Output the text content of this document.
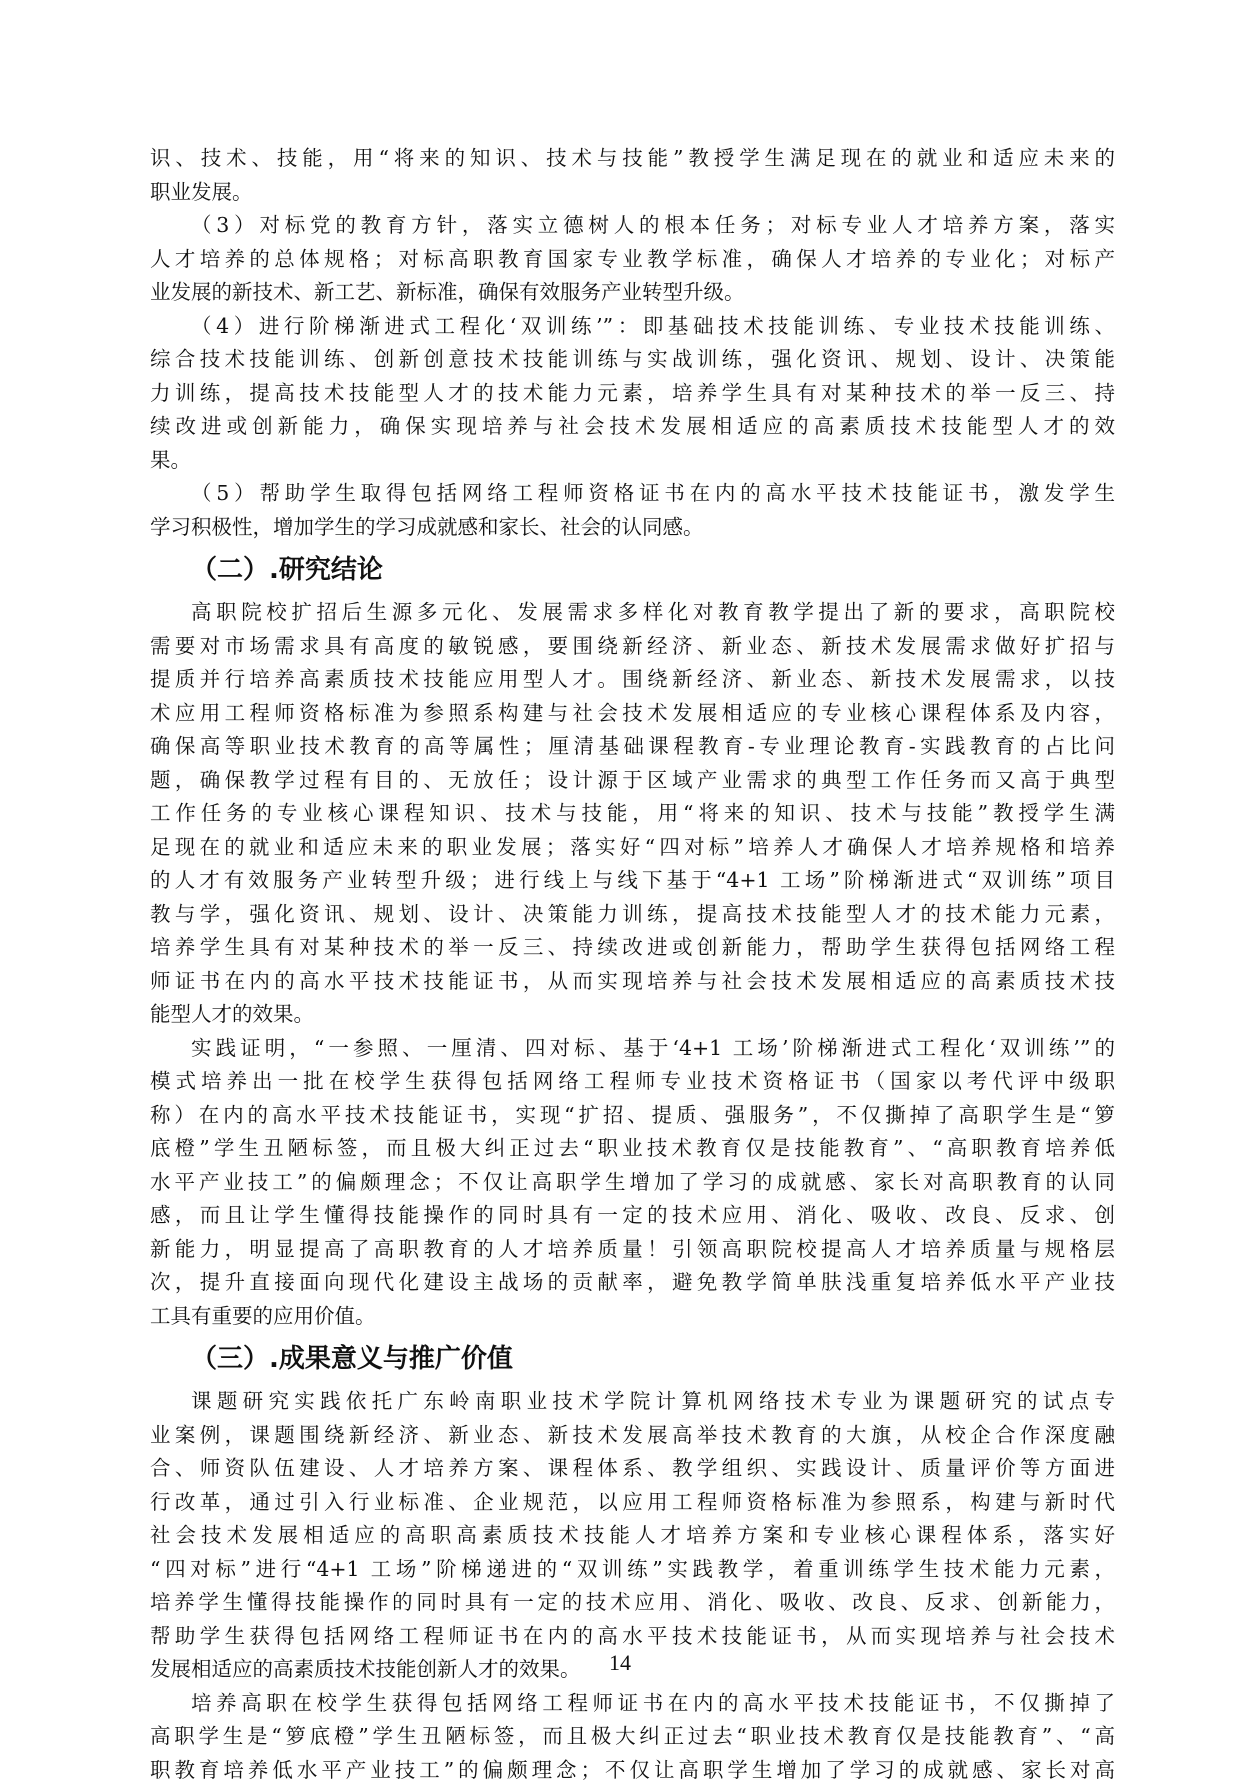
识、技术、技能，用“将来的知识、技术与技能”教授学生满足现在的就业和适应未来的
职业发展。
（3）对标党的教育方针，落实立德树人的根本任务；对标专业人才培养方案，落实
人才培养的总体规格；对标高职教育国家专业教学标准，确保人才培养的专业化；对标产
业发展的新技术、新工艺、新标准，确保有效服务产业转型升级。
（4）进行阶梯渐进式工程化‘双训练’”：即基础技术技能训练、专业技术技能训练、
综合技术技能训练、创新创意技术技能训练与实战训练，强化资讯、规划、设计、决策能
力训练，提高技术技能型人才的技术能力元素，培养学生具有对某种技术的举一反三、持
续改进或创新能力，确保实现培养与社会技术发展相适应的高素质技术技能型人才的效
果。
（5）帮助学生取得包括网络工程师资格证书在内的高水平技术技能证书，激发学生
学习积极性，增加学生的学习成就感和家长、社会的认同感。
（二）.研究结论
高职院校扩招后生源多元化、发展需求多样化对教育教学提出了新的要求，高职院校
需要对市场需求具有高度的敏锐感，要围绕新经济、新业态、新技术发展需求做好扩招与
提质并行培养高素质技术技能应用型人才。围绕新经济、新业态、新技术发展需求，以技
术应用工程师资格标准为参照系构建与社会技术发展相适应的专业核心课程体系及内容，
确保高等职业技术教育的高等属性；厘清基础课程教育-专业理论教育-实践教育的占比问
题，确保教学过程有目的、无放任；设计源于区域产业需求的典型工作任务而又高于典型
工作任务的专业核心课程知识、技术与技能，用“将来的知识、技术与技能”教授学生满
足现在的就业和适应未来的职业发展；落实好“四对标”培养人才确保人才培养规格和培养
的人才有效服务产业转型升级；进行线上与线下基于“4+1 工场”阶梯渐进式“双训练”项目
教与学，强化资讯、规划、设计、决策能力训练，提高技术技能型人才的技术能力元素，
培养学生具有对某种技术的举一反三、持续改进或创新能力，帮助学生获得包括网络工程
师证书在内的高水平技术技能证书，从而实现培养与社会技术发展相适应的高素质技术技
能型人才的效果。
实践证明，“一参照、一厘清、四对标、基于‘4+1 工场’阶梯渐进式工程化‘双训练’”的
模式培养出一批在校学生获得包括网络工程师专业技术资格证书（国家以考代评中级职
称）在内的高水平技术技能证书，实现“扩招、提质、强服务”，不仅撕掉了高职学生是“箩
底橙”学生丑陋标签，而且极大纠正过去“职业技术教育仅是技能教育”、“高职教育培养低
水平产业技工”的偏颇理念；不仅让高职学生增加了学习的成就感、家长对高职教育的认同
感，而且让学生懂得技能操作的同时具有一定的技术应用、消化、吸收、改良、反求、创
新能力，明显提高了高职教育的人才培养质量！引领高职院校提高人才培养质量与规格层
次，提升直接面向现代化建设主战场的贡献率，避免教学简单肤浅重复培养低水平产业技
工具有重要的应用价值。
（三）.成果意义与推广价值
课题研究实践依托广东岭南职业技术学院计算机网络技术专业为课题研究的试点专
业案例，课题围绕新经济、新业态、新技术发展高举技术教育的大旗，从校企合作深度融
合、师资队伍建设、人才培养方案、课程体系、教学组织、实践设计、质量评价等方面进
行改革，通过引入行业标准、企业规范，以应用工程师资格标准为参照系，构建与新时代
社会技术发展相适应的高职高素质技术技能人才培养方案和专业核心课程体系，落实好
“四对标”进行“4+1 工场”阶梯递进的“双训练”实践教学，着重训练学生技术能力元素，
培养学生懂得技能操作的同时具有一定的技术应用、消化、吸收、改良、反求、创新能力，
帮助学生获得包括网络工程师证书在内的高水平技术技能证书，从而实现培养与社会技术
发展相适应的高素质技术技能创新人才的效果。
培养高职在校学生获得包括网络工程师证书在内的高水平技术技能证书，不仅撕掉了
高职学生是“箩底橙”学生丑陋标签，而且极大纠正过去“职业技术教育仅是技能教育”、“高
职教育培养低水平产业技工”的偏颇理念；不仅让高职学生增加了学习的成就感、家长对高
14
